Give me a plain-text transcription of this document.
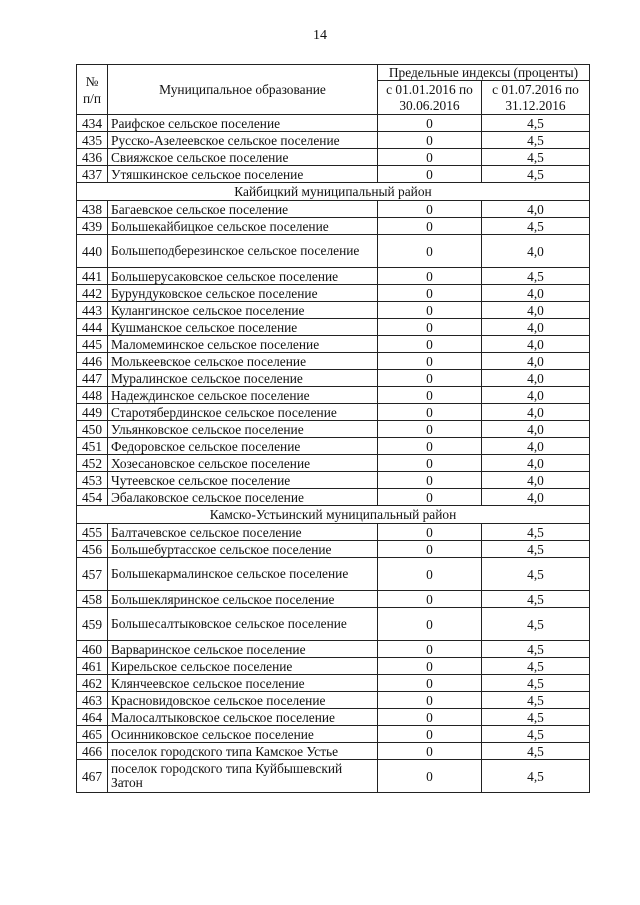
14
№ п/п	Муниципальное образование	Предельные индексы (проценты)	
		с 01.01.2016 по 30.06.2016	с 01.07.2016 по 31.12.2016
434	Раифское сельское поселение	0	4,5
435	Русско-Азелеевское сельское поселение	0	4,5
436	Свияжское сельское поселение	0	4,5
437	Утяшкинское сельское поселение	0	4,5
Кайбицкий муниципальный район			
438	Багаевское сельское поселение	0	4,0
439	Большекайбицкое сельское поселение	0	4,5
440	Большеподберезинское сельское поселение	0	4,0
441	Большерусаковское сельское поселение	0	4,5
442	Бурундуковское сельское поселение	0	4,0
443	Кулангинское сельское поселение	0	4,0
444	Кушманское сельское поселение	0	4,0
445	Маломеминское сельское поселение	0	4,0
446	Молькеевское сельское поселение	0	4,0
447	Муралинское сельское поселение	0	4,0
448	Надеждинское сельское поселение	0	4,0
449	Старотябердинское сельское поселение	0	4,0
450	Ульянковское сельское поселение	0	4,0
451	Федоровское сельское поселение	0	4,0
452	Хозесановское сельское поселение	0	4,0
453	Чутеевское сельское поселение	0	4,0
454	Эбалаковское сельское поселение	0	4,0
Камско-Устьинский муниципальный район			
455	Балтачевское сельское поселение	0	4,5
456	Большебуртасское сельское поселение	0	4,5
457	Большекармалинское сельское поселение	0	4,5
458	Большекляринское сельское поселение	0	4,5
459	Большесалтыковское сельское поселение	0	4,5
460	Варваринское сельское поселение	0	4,5
461	Кирельское сельское поселение	0	4,5
462	Клянчеевское сельское поселение	0	4,5
463	Красновидовское сельское поселение	0	4,5
464	Малосалтыковское сельское поселение	0	4,5
465	Осинниковское сельское поселение	0	4,5
466	поселок городского типа Камское Устье	0	4,5
467	поселок городского типа Куйбышевский Затон	0	4,5
